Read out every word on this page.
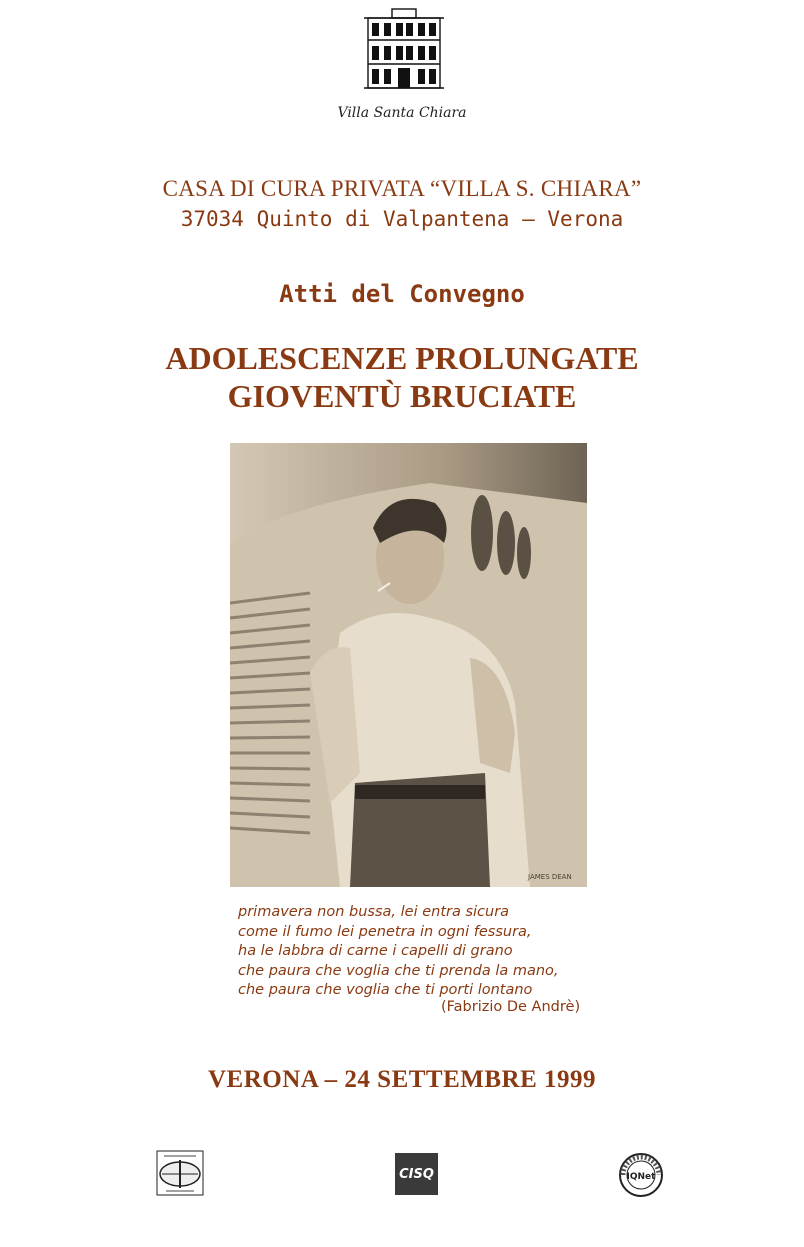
Villa Santa Chiara
CASA DI CURA PRIVATA “VILLA S. CHIARA”
37034 Quinto di Valpantena – Verona
Atti del Convegno
ADOLESCENZE PROLUNGATE
GIOVENTÙ BRUCIATE
JAMES DEAN
primavera non bussa, lei entra sicura
come il fumo lei penetra in ogni fessura,
ha le labbra di carne i capelli di grano
che paura che voglia che ti prenda la mano,
che paura che voglia che ti porti lontano
(Fabrizio De Andrè)
VERONA – 24 SETTEMBRE 1999
CISQ	IQNet
